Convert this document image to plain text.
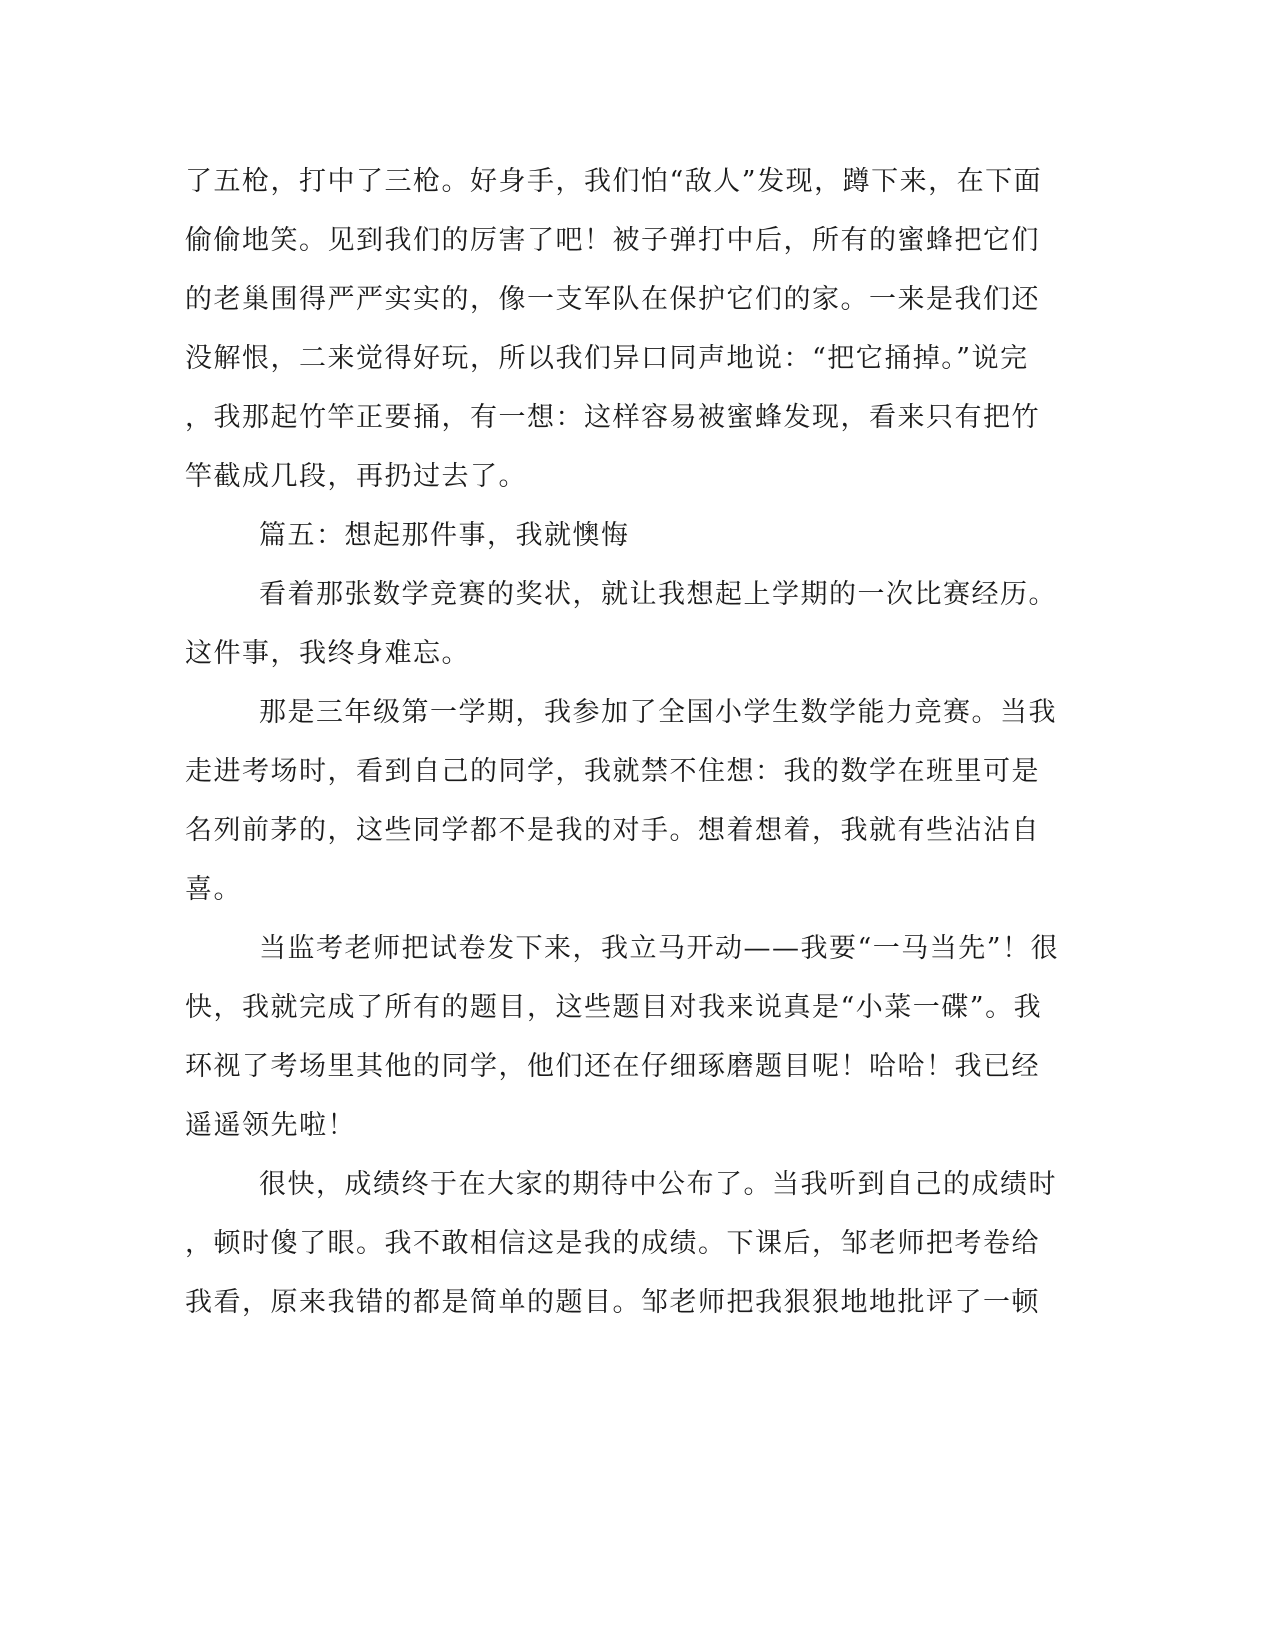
了五枪，打中了三枪。好身手，我们怕“敌人”发现，蹲下来，在下面
偷偷地笑。见到我们的厉害了吧！被子弹打中后，所有的蜜蜂把它们
的老巢围得严严实实的，像一支军队在保护它们的家。一来是我们还
没解恨，二来觉得好玩，所以我们异口同声地说：“把它捅掉。”说完
，我那起竹竿正要捅，有一想：这样容易被蜜蜂发现，看来只有把竹
竿截成几段，再扔过去了。
篇五：想起那件事，我就懊悔
看着那张数学竞赛的奖状，就让我想起上学期的一次比赛经历。
这件事，我终身难忘。
那是三年级第一学期，我参加了全国小学生数学能力竞赛。当我
走进考场时，看到自己的同学，我就禁不住想：我的数学在班里可是
名列前茅的，这些同学都不是我的对手。想着想着，我就有些沾沾自
喜。
当监考老师把试卷发下来，我立马开动——我要“一马当先”！很
快，我就完成了所有的题目，这些题目对我来说真是“小菜一碟”。我
环视了考场里其他的同学，他们还在仔细琢磨题目呢！哈哈！我已经
遥遥领先啦！
很快，成绩终于在大家的期待中公布了。当我听到自己的成绩时
，顿时傻了眼。我不敢相信这是我的成绩。下课后，邹老师把考卷给
我看，原来我错的都是简单的题目。邹老师把我狠狠地地批评了一顿
